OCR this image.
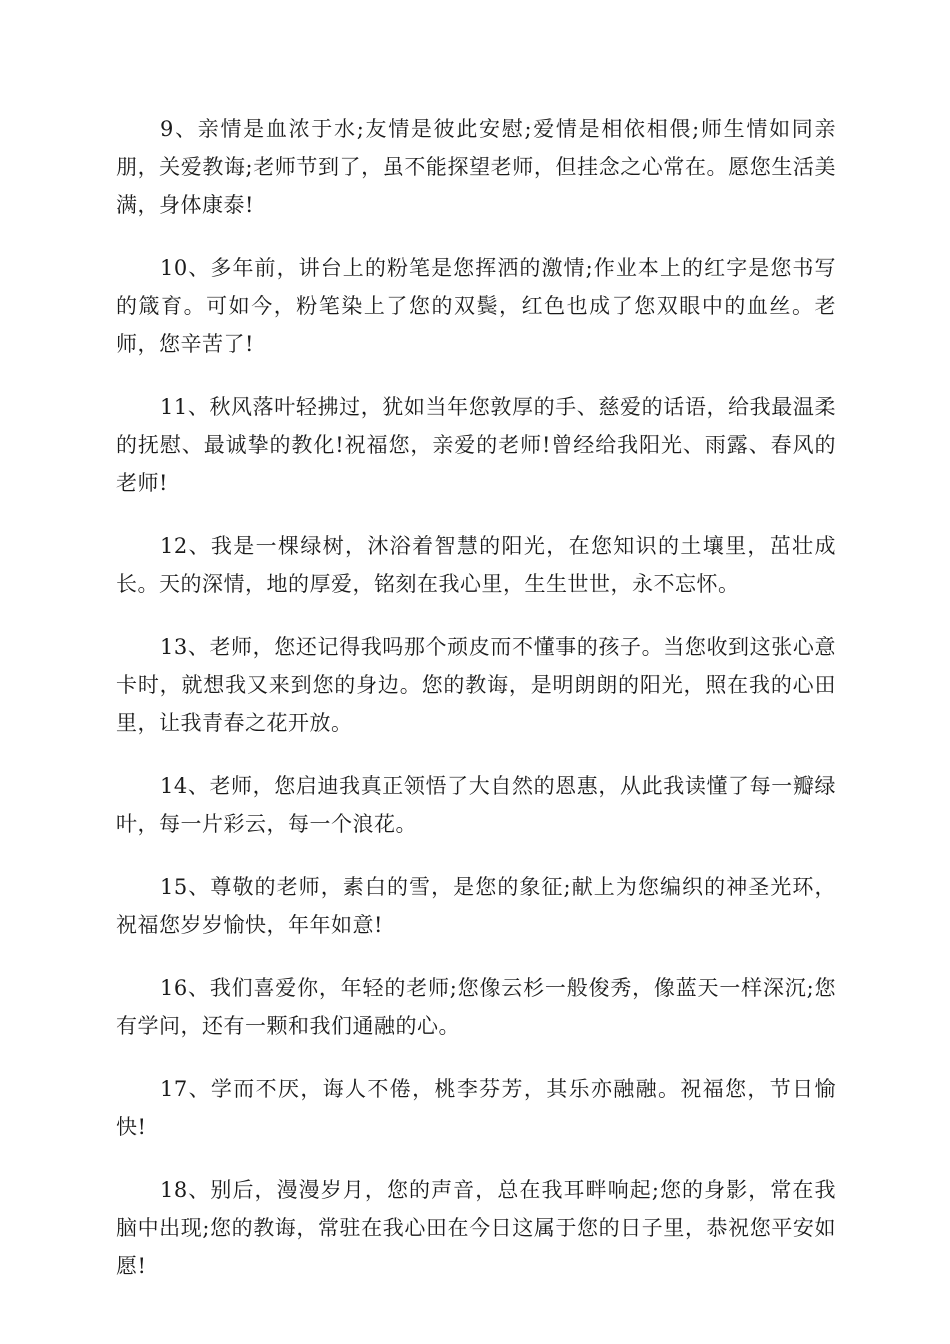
9、亲情是血浓于水;友情是彼此安慰;爱情是相依相偎;师生情如同亲朋，关爱教诲;老师节到了，虽不能探望老师，但挂念之心常在。愿您生活美满，身体康泰!

10、多年前，讲台上的粉笔是您挥洒的激情;作业本上的红字是您书写的箴育。可如今，粉笔染上了您的双鬓，红色也成了您双眼中的血丝。老师，您辛苦了!

11、秋风落叶轻拂过，犹如当年您敦厚的手、慈爱的话语，给我最温柔的抚慰、最诚挚的教化!祝福您，亲爱的老师!曾经给我阳光、雨露、春风的老师!

12、我是一棵绿树，沐浴着智慧的阳光，在您知识的土壤里，茁壮成长。天的深情，地的厚爱，铭刻在我心里，生生世世，永不忘怀。

13、老师，您还记得我吗那个顽皮而不懂事的孩子。当您收到这张心意卡时，就想我又来到您的身边。您的教诲，是明朗朗的阳光，照在我的心田里，让我青春之花开放。

14、老师，您启迪我真正领悟了大自然的恩惠，从此我读懂了每一瓣绿叶，每一片彩云，每一个浪花。

15、尊敬的老师，素白的雪，是您的象征;献上为您编织的神圣光环，祝福您岁岁愉快，年年如意!

16、我们喜爱你，年轻的老师;您像云杉一般俊秀，像蓝天一样深沉;您有学问，还有一颗和我们通融的心。

17、学而不厌，诲人不倦，桃李芬芳，其乐亦融融。祝福您，节日愉快!

18、别后，漫漫岁月，您的声音，总在我耳畔响起;您的身影，常在我脑中出现;您的教诲，常驻在我心田在今日这属于您的日子里，恭祝您平安如愿!
